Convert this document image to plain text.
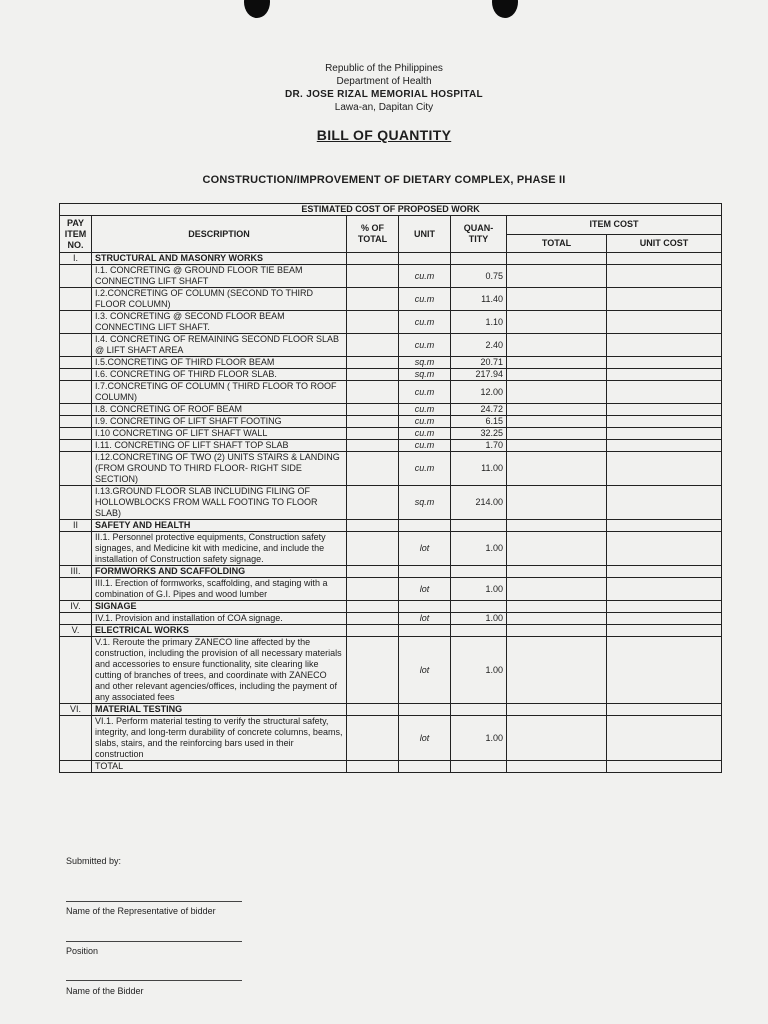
Republic of the Philippines
Department of Health
DR. JOSE RIZAL MEMORIAL HOSPITAL
Lawa-an, Dapitan City
BILL OF QUANTITY
CONSTRUCTION/IMPROVEMENT OF DIETARY COMPLEX, PHASE II
ESTIMATED COST OF PROPOSED WORK						
PAY ITEM NO.	DESCRIPTION	% OF TOTAL	UNIT	QUAN- TITY	ITEM COST	
					TOTAL	UNIT COST
I.	STRUCTURAL AND MASONRY WORKS					
	I.1. CONCRETING @ GROUND FLOOR TIE BEAM CONNECTING LIFT SHAFT		cu.m	0.75		
	I.2.CONCRETING OF COLUMN (SECOND TO THIRD FLOOR COLUMN)		cu.m	11.40		
	I.3. CONCRETING @ SECOND FLOOR BEAM CONNECTING LIFT SHAFT.		cu.m	1.10		
	I.4. CONCRETING OF REMAINING SECOND FLOOR SLAB @ LIFT SHAFT AREA		cu.m	2.40		
	I.5.CONCRETING OF THIRD FLOOR BEAM		sq.m	20.71		
	I.6. CONCRETING OF THIRD FLOOR SLAB.		sq.m	217.94		
	I.7.CONCRETING OF COLUMN ( THIRD FLOOR TO ROOF COLUMN)		cu.m	12.00		
	I.8. CONCRETING OF ROOF BEAM		cu.m	24.72		
	I.9. CONCRETING OF LIFT SHAFT FOOTING		cu.m	6.15		
	I.10 CONCRETING OF LIFT SHAFT WALL		cu.m	32.25		
	I.11. CONCRETING OF LIFT SHAFT TOP SLAB		cu.m	1.70		
	I.12.CONCRETING OF TWO (2) UNITS STAIRS & LANDING (FROM GROUND TO THIRD FLOOR- RIGHT SIDE SECTION)		cu.m	11.00		
	I.13.GROUND FLOOR SLAB INCLUDING FILING OF HOLLOWBLOCKS FROM WALL FOOTING TO FLOOR SLAB)		sq.m	214.00		
II	SAFETY AND HEALTH					
	II.1. Personnel protective equipments, Construction safety signages, and Medicine kit with medicine, and include the installation of Construction safety signage.		lot	1.00		
III.	FORMWORKS AND SCAFFOLDING					
	III.1. Erection of formworks, scaffolding, and staging with a combination of G.I. Pipes and wood lumber		lot	1.00		
IV.	SIGNAGE					
	IV.1. Provision and installation of COA signage.		lot	1.00		
V.	ELECTRICAL WORKS					
	V.1. Reroute the primary ZANECO line affected by the construction, including the provision of all necessary materials and accessories to ensure functionality, site clearing like cutting of branches of trees, and coordinate with ZANECO and other relevant agencies/offices, including the payment of any associated fees		lot	1.00		
VI.	MATERIAL TESTING					
	VI.1. Perform material testing to verify the structural safety, integrity, and long-term durability of concrete columns, beams, slabs, stairs, and the reinforcing bars used in their construction		lot	1.00		
	TOTAL					
Submitted by:
Name of the Representative of bidder
Position
Name of the Bidder
